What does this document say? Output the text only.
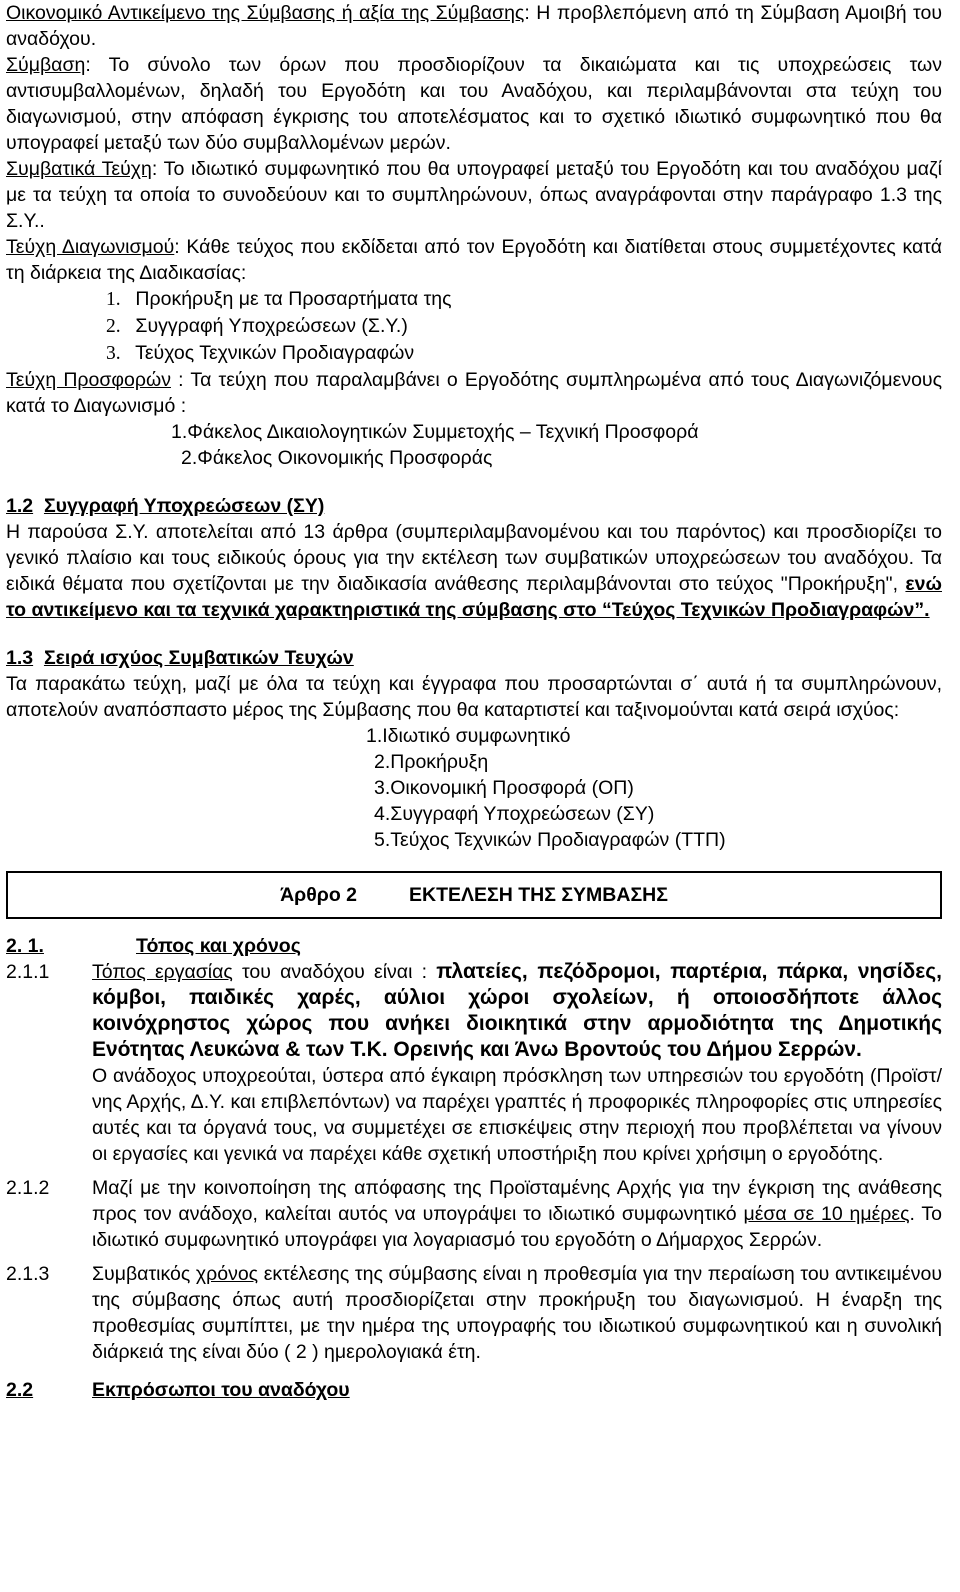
Οικονομικό Αντικείμενο της Σύμβασης ή αξία της Σύμβασης: Η προβλεπόμενη από τη Σύμβαση Αμοιβή του αναδόχου.

Σύμβαση: Το σύνολο των όρων που προσδιορίζουν τα δικαιώματα και τις υποχρεώσεις των αντισυμβαλλομένων, δηλαδή του Εργοδότη και του Αναδόχου, και περιλαμβάνονται στα τεύχη του διαγωνισμού, στην απόφαση έγκρισης του αποτελέσματος και το σχετικό ιδιωτικό συμφωνητικό που θα υπογραφεί μεταξύ των δύο συμβαλλομένων μερών.

Συμβατικά Τεύχη: Το ιδιωτικό συμφωνητικό που θα υπογραφεί μεταξύ του Εργοδότη και του αναδόχου μαζί με τα τεύχη τα οποία το συνοδεύουν και το συμπληρώνουν, όπως αναγράφονται στην παράγραφο 1.3 της Σ.Υ..

Τεύχη Διαγωνισμού: Κάθε τεύχος που εκδίδεται από τον Εργοδότη και διατίθεται στους συμμετέχοντες κατά τη διάρκεια της Διαδικασίας:

1. Προκήρυξη με τα Προσαρτήματα της
2. Συγγραφή Υποχρεώσεων (Σ.Υ.)
3. Τεύχος Τεχνικών Προδιαγραφών

Τεύχη Προσφορών : Τα τεύχη που παραλαμβάνει ο Εργοδότης συμπληρωμένα από τους Διαγωνιζόμενους κατά το Διαγωνισμό :

1.Φάκελος Δικαιολογητικών Συμμετοχής – Τεχνική Προσφορά
2.Φάκελος Οικονομικής Προσφοράς

1.2 Συγγραφή Υποχρεώσεων (ΣΥ)

Η παρούσα Σ.Υ. αποτελείται από 13 άρθρα (συμπεριλαμβανομένου και του παρόντος) και προσδιορίζει το γενικό πλαίσιο και τους ειδικούς όρους για την εκτέλεση των συμβατικών υποχρεώσεων του αναδόχου. Τα ειδικά θέματα που σχετίζονται με την διαδικασία ανάθεσης περιλαμβάνονται στο τεύχος "Προκήρυξη", ενώ το αντικείμενο και τα τεχνικά χαρακτηριστικά της σύμβασης στο “Τεύχος Τεχνικών Προδιαγραφών”.

1.3 Σειρά ισχύος Συμβατικών Τευχών

Τα παρακάτω τεύχη, μαζί με όλα τα τεύχη και έγγραφα που προσαρτώνται σ΄ αυτά ή τα συμπληρώνουν, αποτελούν αναπόσπαστο μέρος της Σύμβασης που θα καταρτιστεί και ταξινομούνται κατά σειρά ισχύος:

1.Ιδιωτικό συμφωνητικό
2.Προκήρυξη
3.Οικονομική Προσφορά (ΟΠ)
4.Συγγραφή Υποχρεώσεων (ΣΥ)
5.Τεύχος Τεχνικών Προδιαγραφών (ΤΤΠ)
Άρθρο 2	ΕΚΤΕΛΕΣΗ ΤΗΣ ΣΥΜΒΑΣΗΣ

2. 1.	Τόπος και χρόνος

2.1.1	Τόπος εργασίας του αναδόχου είναι : πλατείες, πεζόδρομοι, παρτέρια, πάρκα, νησίδες, κόμβοι, παιδικές χαρές, αύλιοι χώροι σχολείων, ή οποιοσδήποτε άλλος κοινόχρηστος χώρος που ανήκει διοικητικά στην αρμοδιότητα της Δημοτικής Ενότητας Λευκώνα & των Τ.Κ. Ορεινής και Άνω Βροντούς του Δήμου Σερρών.

Ο ανάδοχος υποχρεούται, ύστερα από έγκαιρη πρόσκληση των υπηρεσιών του εργοδότη (Προϊστ/νης Αρχής, Δ.Υ. και επιβλεπόντων) να παρέχει γραπτές ή προφορικές πληροφορίες στις υπηρεσίες αυτές και τα όργανά τους, να συμμετέχει σε επισκέψεις στην περιοχή που προβλέπεται να γίνουν οι εργασίες και γενικά να παρέχει κάθε σχετική υποστήριξη που κρίνει χρήσιμη ο εργοδότης.

2.1.2	Μαζί με την κοινοποίηση της απόφασης της Προϊσταμένης Αρχής για την έγκριση της ανάθεσης προς τον ανάδοχο, καλείται αυτός να υπογράψει το ιδιωτικό συμφωνητικό μέσα σε 10 ημέρες. Το ιδιωτικό συμφωνητικό υπογράφει για λογαριασμό του εργοδότη ο Δήμαρχος Σερρών.

2.1.3	Συμβατικός χρόνος εκτέλεσης της σύμβασης είναι η προθεσμία για την περαίωση του αντικειμένου της σύμβασης όπως αυτή προσδιορίζεται στην προκήρυξη του διαγωνισμού. Η έναρξη της προθεσμίας συμπίπτει, με την ημέρα της υπογραφής του ιδιωτικού συμφωνητικού και η συνολική διάρκειά της είναι δύο ( 2 ) ημερολογιακά έτη.

2.2	Εκπρόσωποι του αναδόχου
